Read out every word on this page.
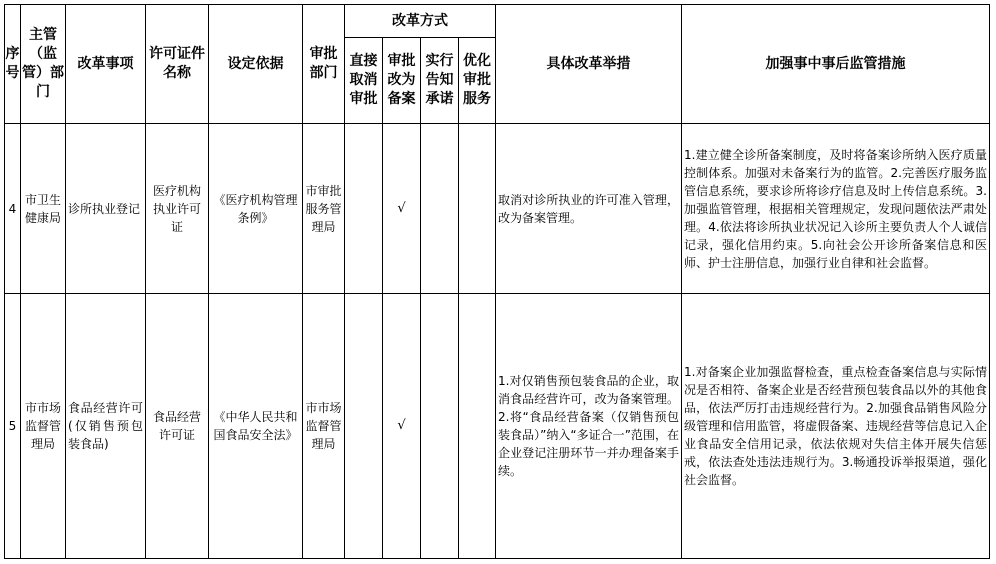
序号	主管（监管）部门	改革事项	许可证件名称	设定依据	审批部门	改革方式				具体改革举措	加强事中事后监管措施
						直接取消审批	审批改为备案	实行告知承诺	优化审批服务		
4	市卫生健康局	诊所执业登记	医疗机构执业许可证	《医疗机构管理条例》	市审批服务管理局		√			取消对诊所执业的许可准入管理，改为备案管理。	1.建立健全诊所备案制度，及时将备案诊所纳入医疗质量控制体系。加强对未备案行为的监管。2.完善医疗服务监管信息系统，要求诊所将诊疗信息及时上传信息系统。3.加强监管管理，根据相关管理规定，发现问题依法严肃处理。4.依法将诊所执业状况记入诊所主要负责人个人诚信记录，强化信用约束。5.向社会公开诊所备案信息和医师、护士注册信息，加强行业自律和社会监督。
5	市市场监督管理局	食品经营许可(仅销售预包装食品)	食品经营许可证	《中华人民共和国食品安全法》	市市场监督管理局		√			1.对仅销售预包装食品的企业，取消食品经营许可，改为备案管理。2.将“食品经营备案（仅销售预包装食品）”纳入“多证合一”范围，在企业登记注册环节一并办理备案手续。	1.对备案企业加强监督检查，重点检查备案信息与实际情况是否相符、备案企业是否经营预包装食品以外的其他食品，依法严厉打击违规经营行为。2.加强食品销售风险分级管理和信用监管，将虚假备案、违规经营等信息记入企业食品安全信用记录，依法依规对失信主体开展失信惩戒，依法查处违法违规行为。3.畅通投诉举报渠道，强化社会监督。
